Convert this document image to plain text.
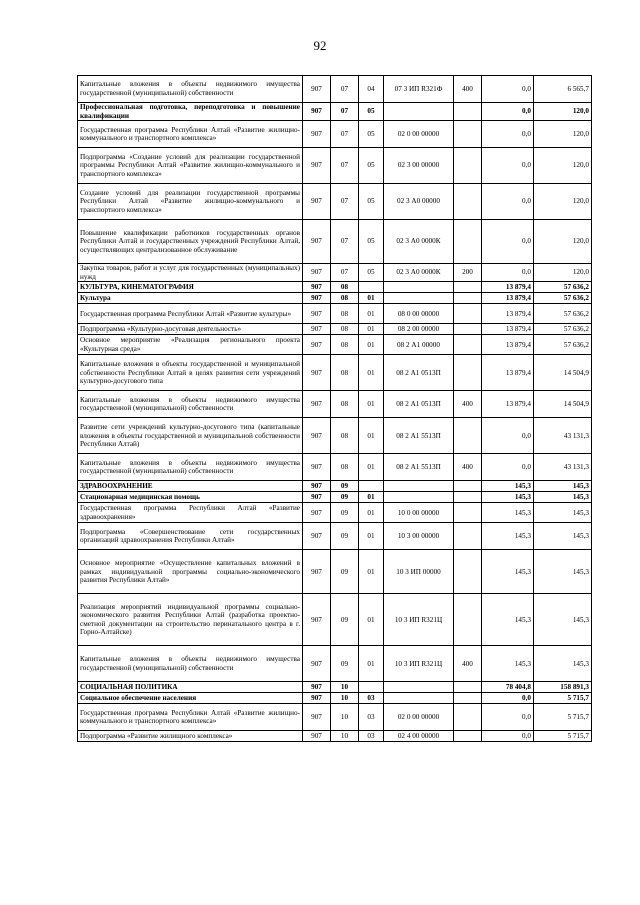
92
Капитальные вложения в объекты недвижимого имущества государственной (муниципальной) собственности	907	07	04	07 3 ИП R321Ф	400	0,0	6 565,7
Профессиональная подготовка, переподготовка и повышение квалификации	907	07	05			0,0	120,0
Государственная программа Республики Алтай «Развитие жилищно-коммунального и транспортного комплекса»	907	07	05	02 0 00 00000		0,0	120,0
Подпрограмма «Создание условий для реализации государственной программы Республики Алтай «Развитие жилищно-коммунального и транспортного комплекса»	907	07	05	02 3 00 00000		0,0	120,0
Создание условий для реализации государственной программы Республики Алтай «Развитие жилищно-коммунального и транспортного комплекса»	907	07	05	02 3 А0 00000		0,0	120,0
Повышение квалификации работников государственных органов Республики Алтай и государственных учреждений Республики Алтай, осуществляющих централизованное обслуживание	907	07	05	02 3 А0 0000К		0,0	120,0
Закупка товаров, работ и услуг для государственных (муниципальных) нужд	907	07	05	02 3 А0 0000К	200	0,0	120,0
КУЛЬТУРА, КИНЕМАТОГРАФИЯ	907	08				13 879,4	57 636,2
Культура	907	08	01			13 879,4	57 636,2
Государственная программа Республики Алтай «Развитие культуры»	907	08	01	08 0 00 00000		13 879,4	57 636,2
Подпрограмма «Культурно-досуговая деятельность»	907	08	01	08 2 00 00000		13 879,4	57 636,2
Основное мероприятие «Реализация регионального проекта «Культурная среда»	907	08	01	08 2 А1 00000		13 879,4	57 636,2
Капитальные вложения в объекты государственной и муниципальной собственности Республики Алтай в целях развития сети учреждений культурно-досугового типа	907	08	01	08 2 А1 0513П		13 879,4	14 504,9
Капитальные вложения в объекты недвижимого имущества государственной (муниципальной) собственности	907	08	01	08 2 А1 0513П	400	13 879,4	14 504,9
Развитие сети учреждений культурно-досугового типа (капитальные вложения в объекты государственной и муниципальной собственности Республики Алтай)	907	08	01	08 2 А1 5513П		0,0	43 131,3
Капитальные вложения в объекты недвижимого имущества государственной (муниципальной) собственности	907	08	01	08 2 А1 5513П	400	0,0	43 131,3
ЗДРАВООХРАНЕНИЕ	907	09				145,3	145,3
Стационарная медицинская помощь	907	09	01			145,3	145,3
Государственная программа Республики Алтай «Развитие здравоохранения»	907	09	01	10 0 00 00000		145,3	145,3
Подпрограмма «Совершенствование сети государственных организаций здравоохранения Республики Алтай»	907	09	01	10 3 00 00000		145,3	145,3
Основное мероприятие «Осуществление капитальных вложений в рамках индивидуальной программы социально-экономического развития Республики Алтай»	907	09	01	10 3 ИП 00000		145,3	145,3
Реализация мероприятий индивидуальной программы социально-экономического развития Республики Алтай (разработка проектно-сметной документации на строительство перинатального центра в г. Горно-Алтайске)	907	09	01	10 3 ИП R321Ц		145,3	145,3
Капитальные вложения в объекты недвижимого имущества государственной (муниципальной) собственности	907	09	01	10 3 ИП R321Ц	400	145,3	145,3
СОЦИАЛЬНАЯ ПОЛИТИКА	907	10				78 404,8	158 891,3
Социальное обеспечение населения	907	10	03			0,0	5 715,7
Государственная программа Республики Алтай «Развитие жилищно-коммунального и транспортного комплекса»	907	10	03	02 0 00 00000		0,0	5 715,7
Подпрограмма «Развитие жилищного комплекса»	907	10	03	02 4 00 00000		0,0	5 715,7
